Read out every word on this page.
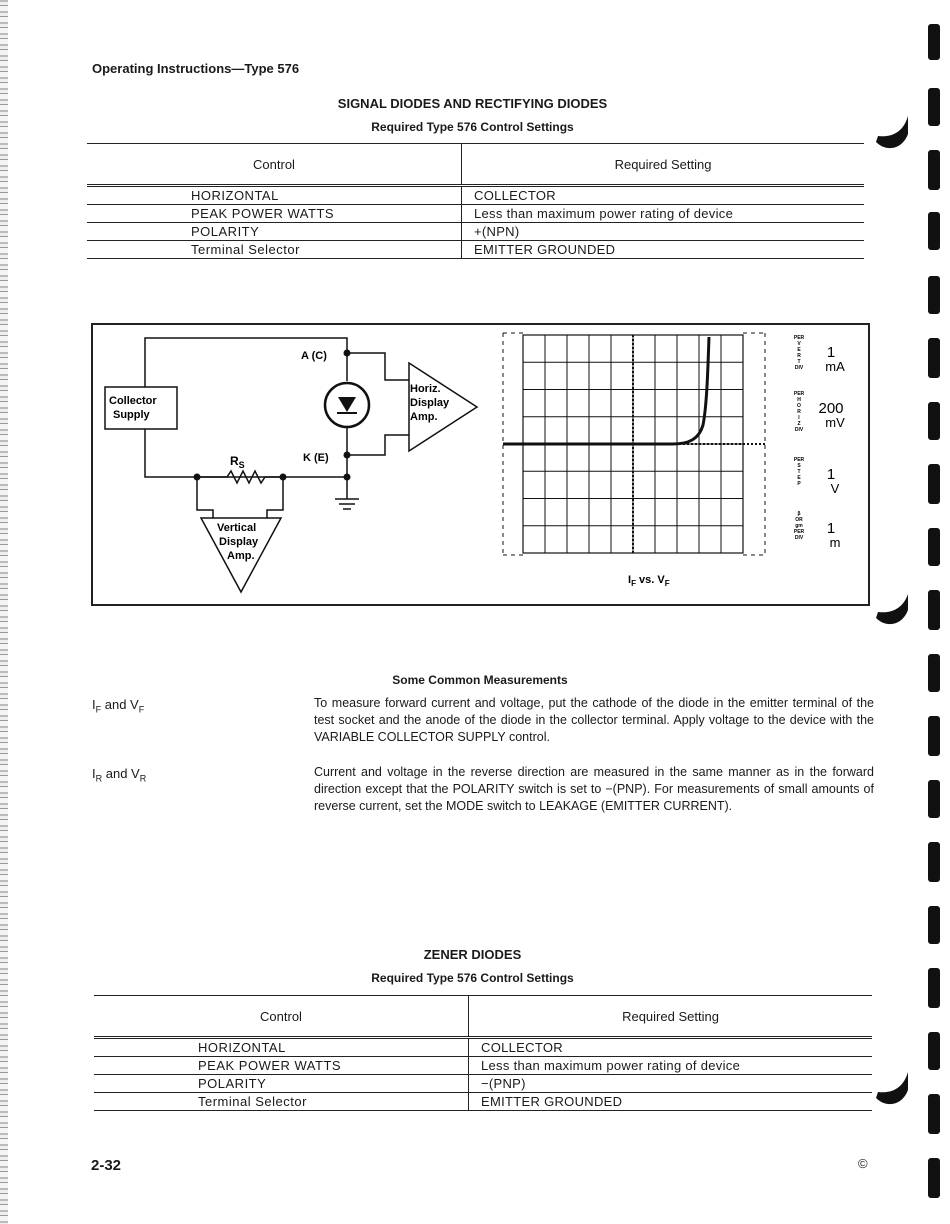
Operating Instructions—Type 576
SIGNAL DIODES AND RECTIFYING DIODES
Required Type 576 Control Settings
Control	Required Setting
HORIZONTAL	COLLECTOR
PEAK POWER WATTS	Less than maximum power rating of device
POLARITY	+(NPN)
Terminal Selector	EMITTER GROUNDED
Collector
Supply
A (C)
K (E)
$R_S$
Horiz.
Display
Amp.
Vertical
Display
Amp.
$I_F$ vs. $V_F$
PER
V
E
R
T
DIV
1
mA
PER
H
O
R
I
Z
DIV
200
mV
PER
S
T
E
P
1
V
β
OR
gm
PER
DIV
1
m
Some Common Measurements
$I_F$ and $V_F$	To measure forward current and voltage, put the cathode of the diode in the emitter terminal of the test socket and the anode of the diode in the collector terminal. Apply voltage to the device with the VARIABLE COLLECTOR SUPPLY control.
$I_R$ and $V_R$	Current and voltage in the reverse direction are measured in the same manner as in the forward direction except that the POLARITY switch is set to −(PNP). For measurements of small amounts of reverse current, set the MODE switch to LEAKAGE (EMITTER CURRENT).
ZENER DIODES
Required Type 576 Control Settings
Control	Required Setting
HORIZONTAL	COLLECTOR
PEAK POWER WATTS	Less than maximum power rating of device
POLARITY	−(PNP)
Terminal Selector	EMITTER GROUNDED
2-32	©
